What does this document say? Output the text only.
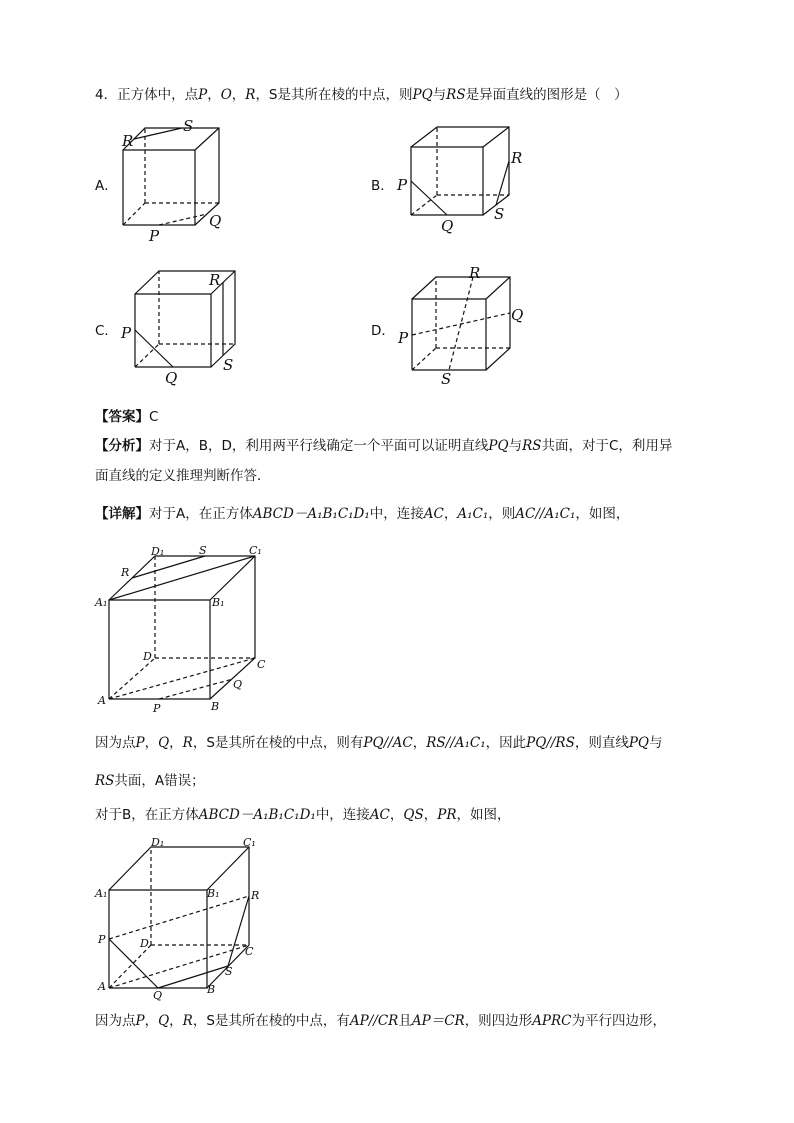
4．正方体中，点P，O，R，S是其所在棱的中点，则PQ与RS是异面直线的图形是（　）
A．
R
S
Q
P
B． P
Q
R
S
C． P
Q
R
S
D．
R
Q
P
S
【答案】C
【分析】对于A，B，D，利用两平行线确定一个平面可以证明直线PQ与RS共面，对于C，利用异
面直线的定义推理判断作答．
【详解】对于A，在正方体ABCD－A₁B₁C₁D₁中，连接AC，A₁C₁，则AC//A₁C₁，如图，
D₁	S	C₁
R
A₁	B₁
D
C
Q
A
P	B
因为点P，Q，R，S是其所在棱的中点，则有PQ//AC，RS//A₁C₁，因此PQ//RS，则直线PQ与
RS共面，A错误；
对于B，在正方体ABCD－A₁B₁C₁D₁中，连接AC，QS，PR，如图，
D₁	C₁
A₁	B₁	R
P	D
C
S
A
Q	B
因为点P，Q，R，S是其所在棱的中点，有AP//CR且AP＝CR，则四边形APRC为平行四边形，
